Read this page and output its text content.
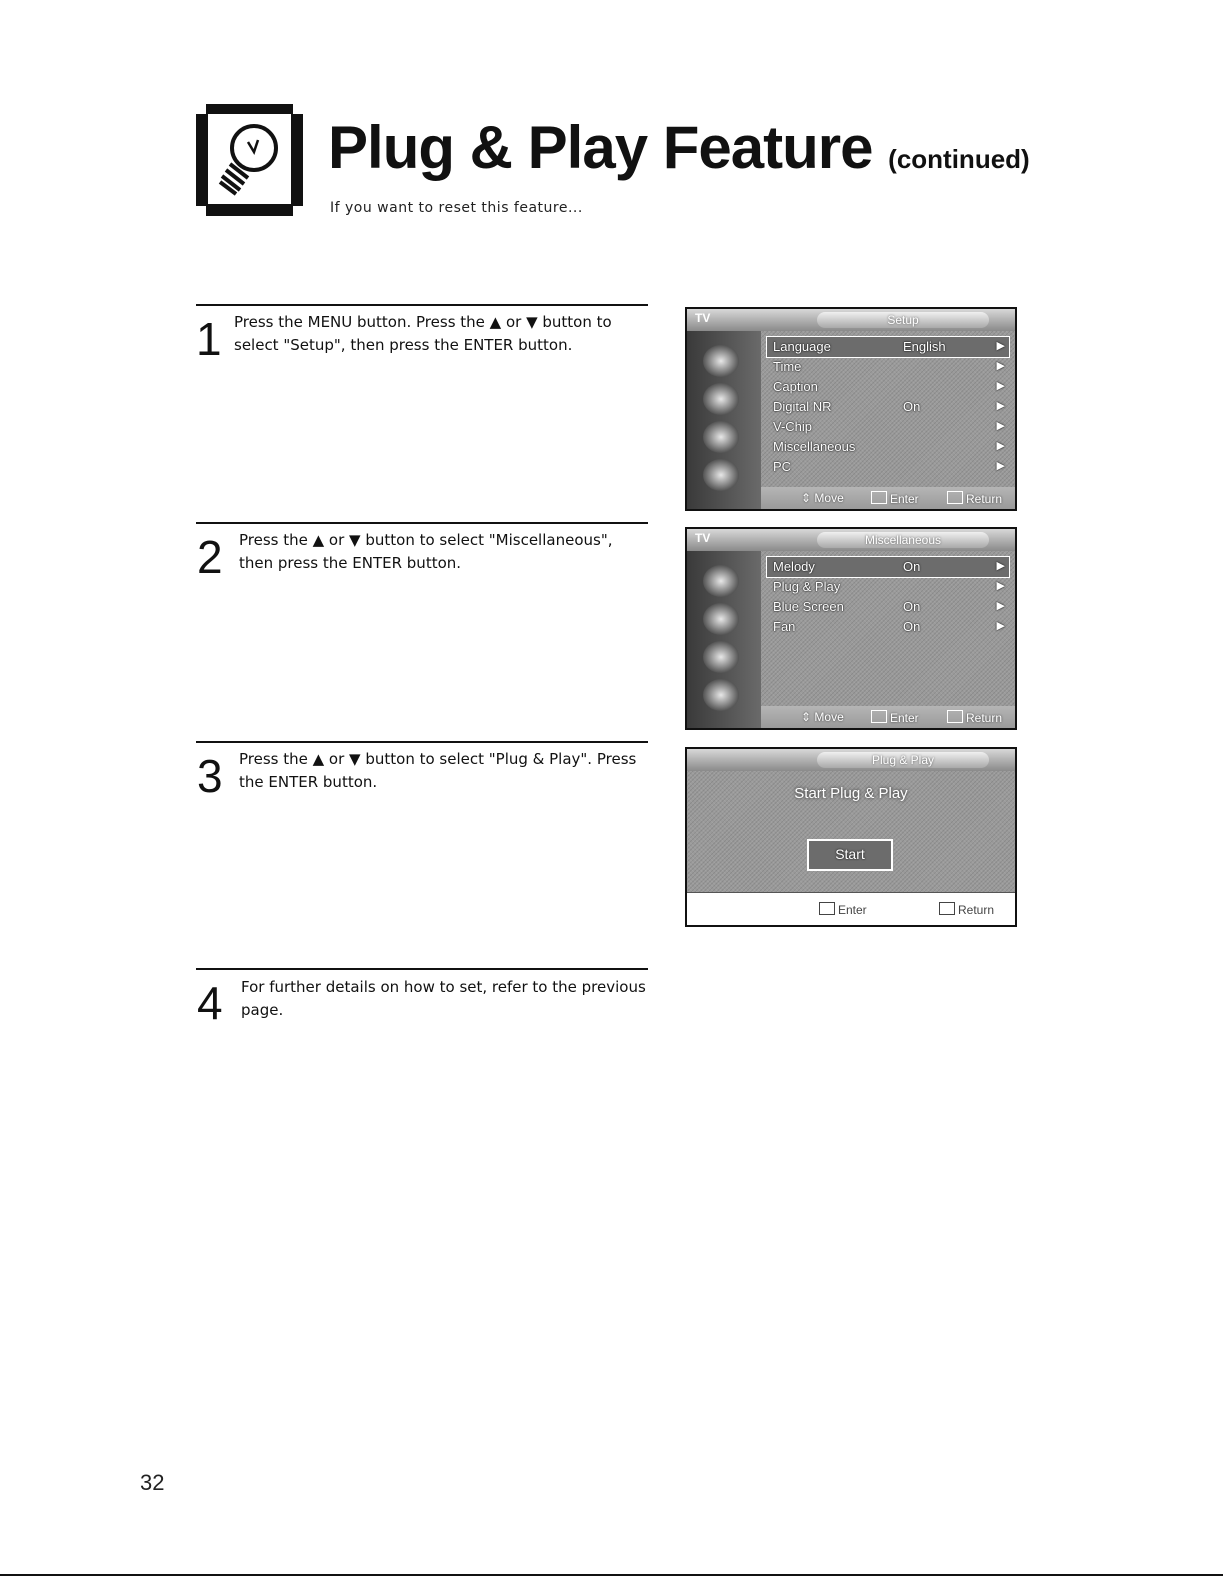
Plug & Play Feature (continued)
If you want to reset this feature...
1 Press the MENU button. Press the ▲ or ▼ button to select "Setup", then press the ENTER button.
2 Press the ▲ or ▼ button to select "Miscellaneous", then press the ENTER button.
3 Press the ▲ or ▼ button to select "Plug & Play". Press the ENTER button.
4 For further details on how to set, refer to the previous page.
TV	Setup
Language	English	▶
Time	▶
Caption	▶
Digital NR	On	▶
V-Chip	▶
Miscellaneous	▶
PC	▶
⇕ Move	Enter	Return
TV	Miscellaneous
Melody	On	▶
Plug & Play	▶
Blue Screen	On	▶
Fan	On	▶
⇕ Move	Enter	Return
Plug & Play
Start Plug & Play
Start
Enter	Return
32
